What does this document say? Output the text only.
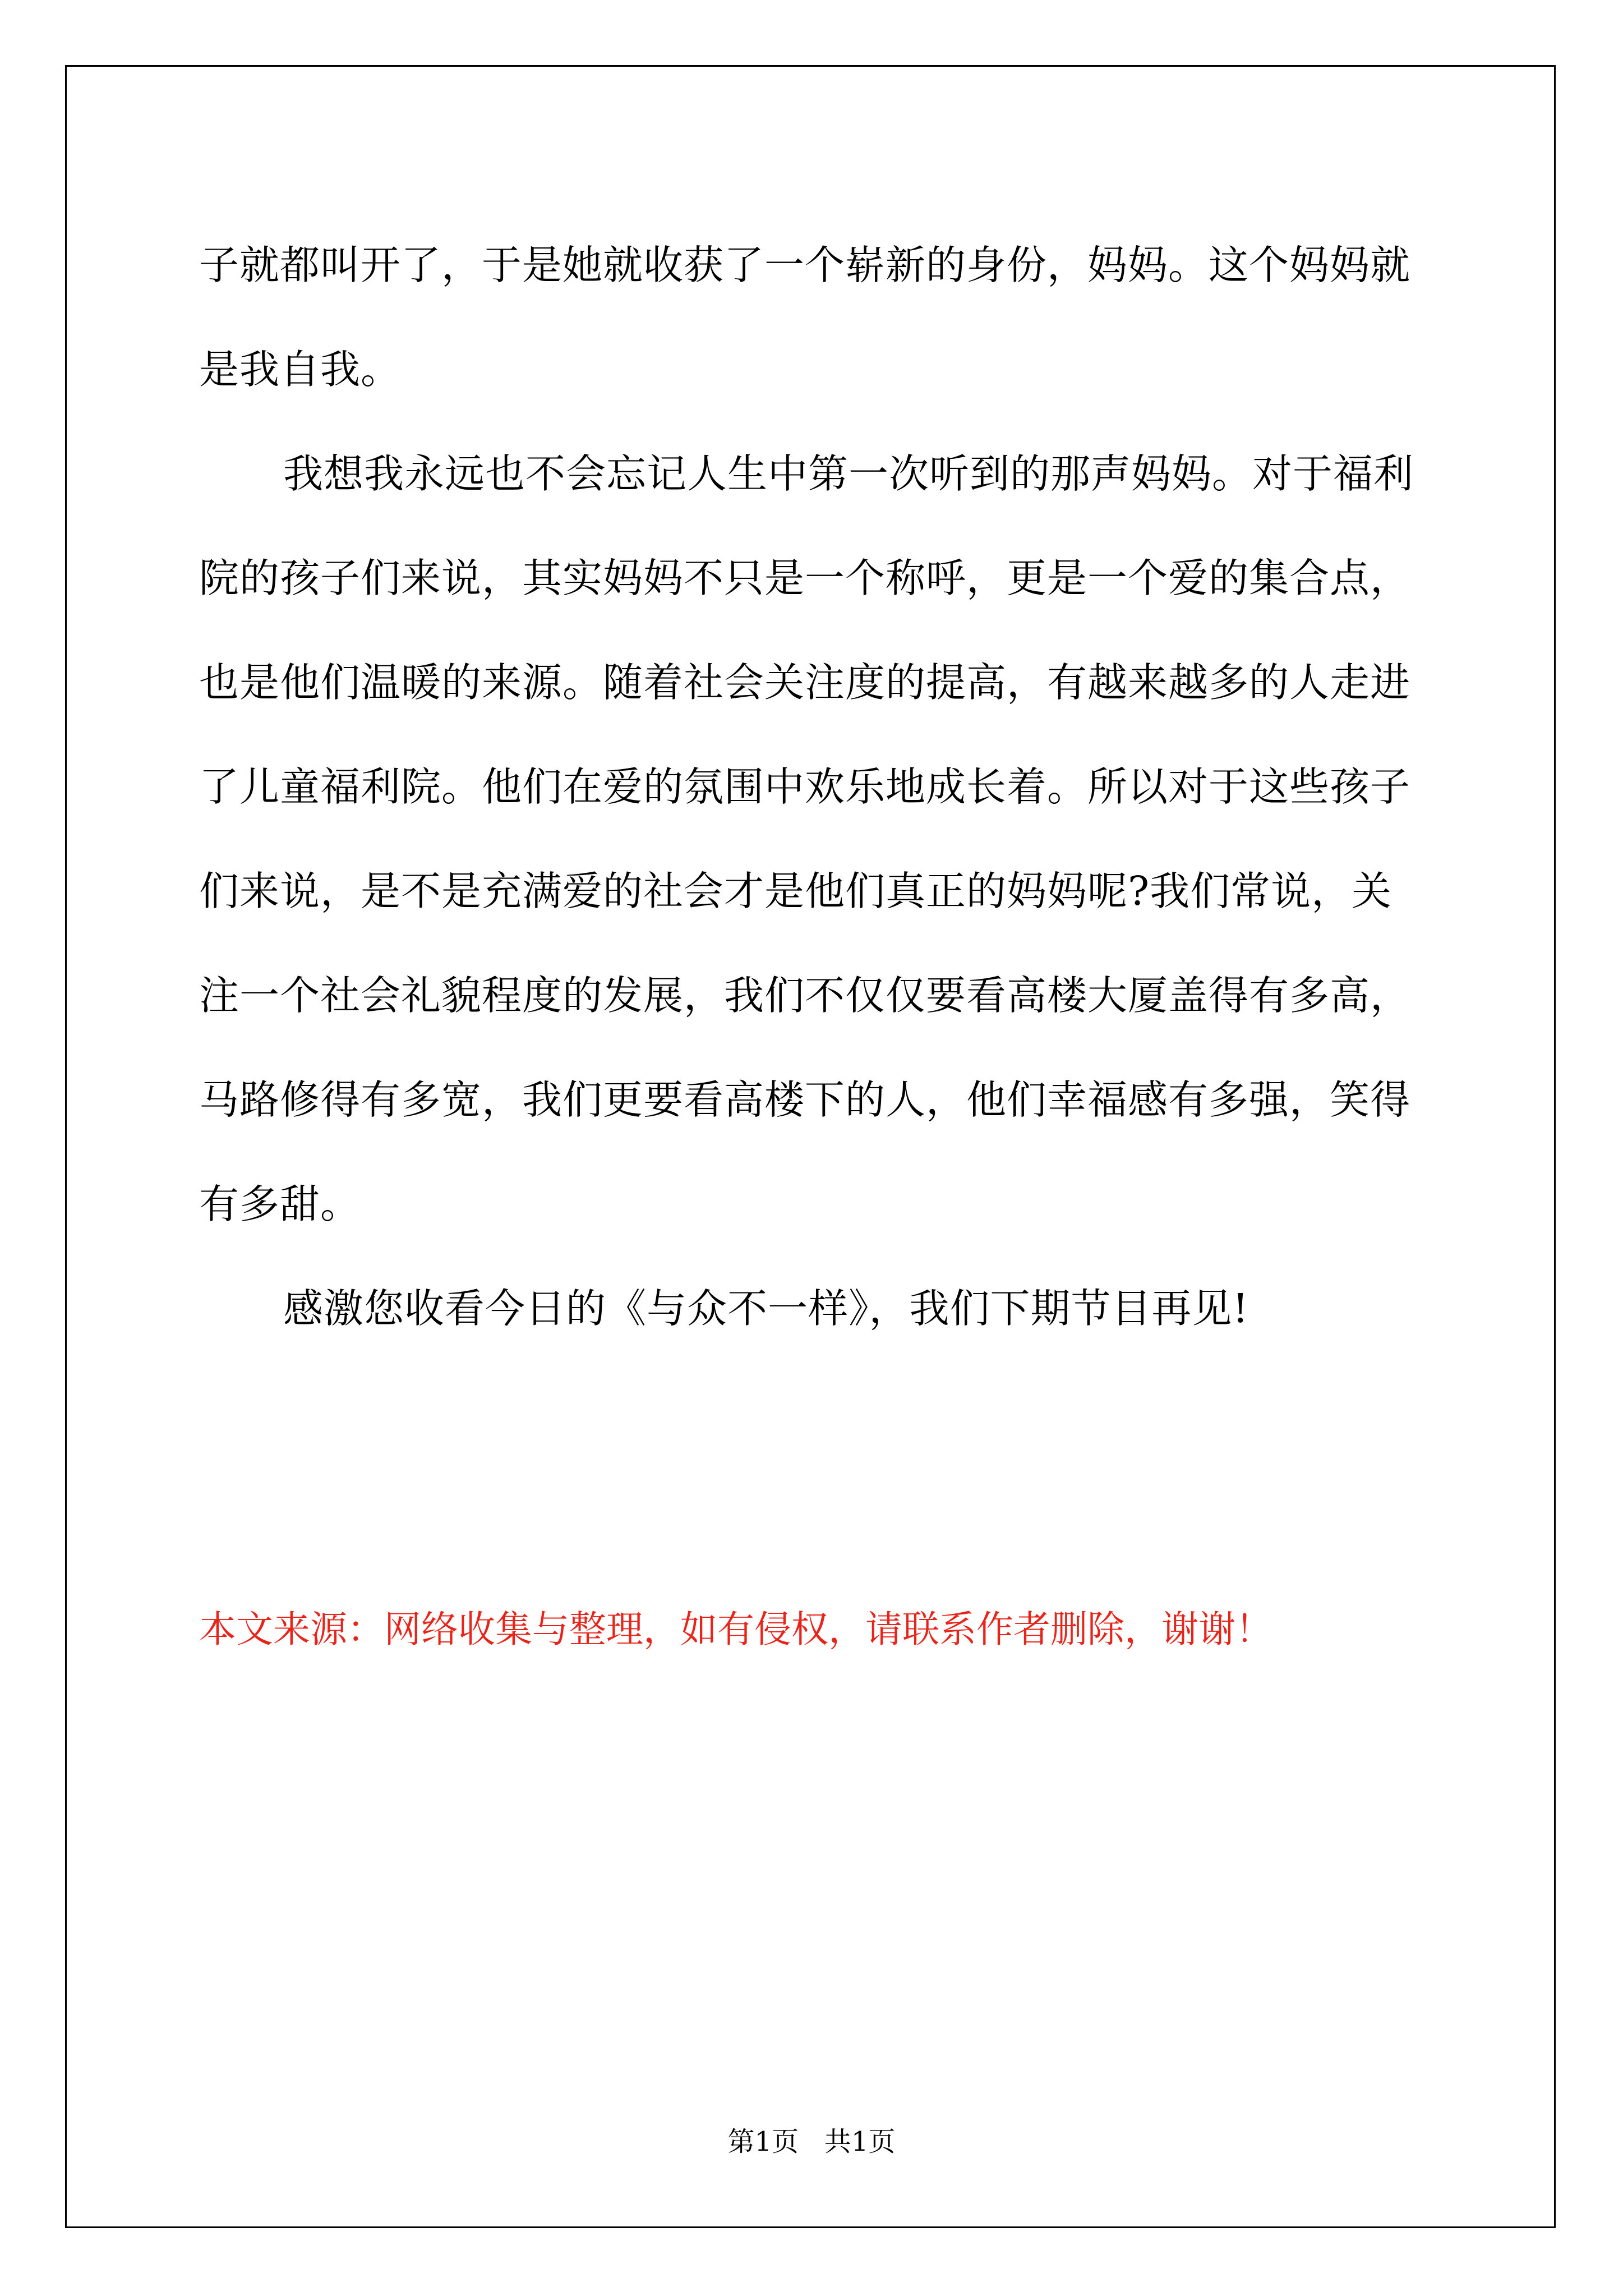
子就都叫开了，于是她就收获了一个崭新的身份，妈妈。这个妈妈就是我自我。

我想我永远也不会忘记人生中第一次听到的那声妈妈。对于福利院的孩子们来说，其实妈妈不只是一个称呼，更是一个爱的集合点，也是他们温暖的来源。随着社会关注度的提高，有越来越多的人走进了儿童福利院。他们在爱的氛围中欢乐地成长着。所以对于这些孩子们来说，是不是充满爱的社会才是他们真正的妈妈呢?我们常说，关注一个社会礼貌程度的发展，我们不仅仅要看高楼大厦盖得有多高，马路修得有多宽，我们更要看高楼下的人，他们幸福感有多强，笑得有多甜。

感激您收看今日的《与众不一样》，我们下期节目再见!

本文来源：网络收集与整理，如有侵权，请联系作者删除，谢谢！
第1页   共1页
